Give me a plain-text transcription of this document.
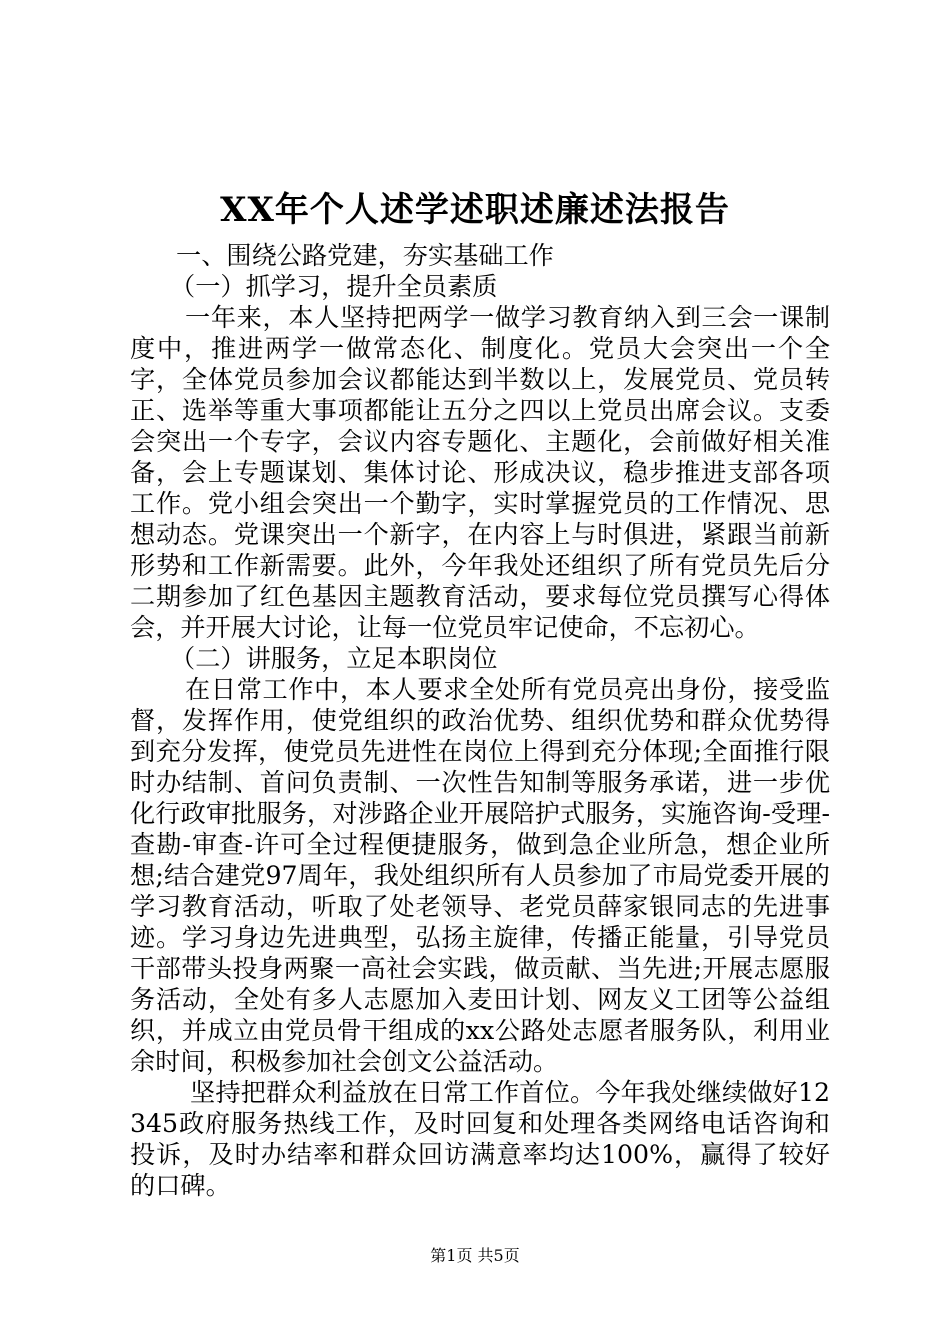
XX年个人述学述职述廉述法报告

一、围绕公路党建，夯实基础工作

（一）抓学习，提升全员素质

一年来，本人坚持把两学一做学习教育纳入到三会一课制度中，推进两学一做常态化、制度化。党员大会突出一个全字，全体党员参加会议都能达到半数以上，发展党员、党员转正、选举等重大事项都能让五分之四以上党员出席会议。支委会突出一个专字，会议内容专题化、主题化，会前做好相关准备，会上专题谋划、集体讨论、形成决议，稳步推进支部各项工作。党小组会突出一个勤字，实时掌握党员的工作情况、思想动态。党课突出一个新字，在内容上与时俱进，紧跟当前新形势和工作新需要。此外，今年我处还组织了所有党员先后分二期参加了红色基因主题教育活动，要求每位党员撰写心得体会，并开展大讨论，让每一位党员牢记使命，不忘初心。

（二）讲服务，立足本职岗位

在日常工作中，本人要求全处所有党员亮出身份，接受监督，发挥作用，使党组织的政治优势、组织优势和群众优势得到充分发挥，使党员先进性在岗位上得到充分体现;全面推行限时办结制、首问负责制、一次性告知制等服务承诺，进一步优化行政审批服务，对涉路企业开展陪护式服务，实施咨询-受理-查勘-审查-许可全过程便捷服务，做到急企业所急，想企业所想;结合建党97周年，我处组织所有人员参加了市局党委开展的学习教育活动，听取了处老领导、老党员薛家银同志的先进事迹。学习身边先进典型，弘扬主旋律，传播正能量，引导党员干部带头投身两聚一高社会实践，做贡献、当先进;开展志愿服务活动，全处有多人志愿加入麦田计划、网友义工团等公益组织，并成立由党员骨干组成的xx公路处志愿者服务队，利用业余时间，积极参加社会创文公益活动。

坚持把群众利益放在日常工作首位。今年我处继续做好12345政府服务热线工作，及时回复和处理各类网络电话咨询和投诉，及时办结率和群众回访满意率均达100%，赢得了较好的口碑。

第1页 共5页
